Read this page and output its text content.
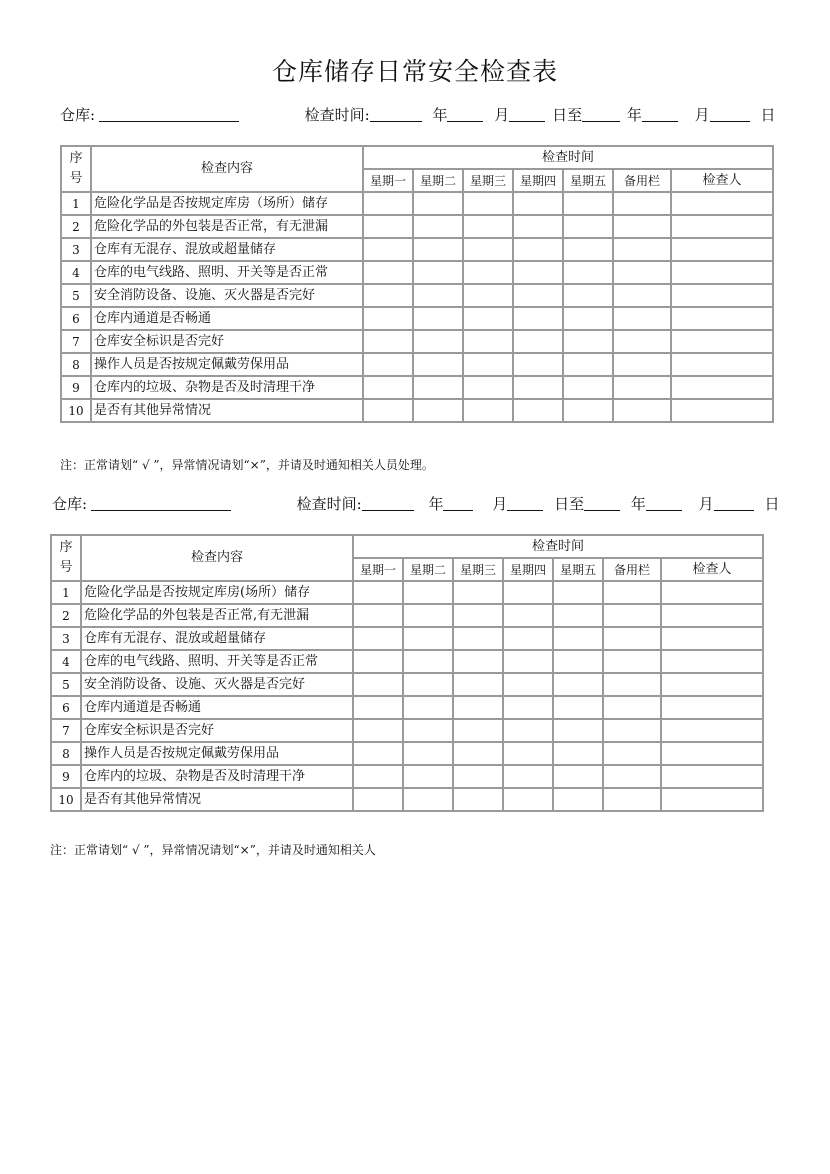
仓库储存日常安全检查表
仓库:	检查时间:	年	月	日至	年	月	日
序号	检查内容	检查时间						
		星期一	星期二	星期三	星期四	星期五	备用栏	检查人
1	危险化学品是否按规定库房（场所）储存							
2	危险化学品的外包装是否正常，有无泄漏							
3	仓库有无混存、混放或超量储存							
4	仓库的电气线路、照明、开关等是否正常							
5	安全消防设备、设施、灭火器是否完好							
6	仓库内通道是否畅通							
7	仓库安全标识是否完好							
8	操作人员是否按规定佩戴劳保用品							
9	仓库内的垃圾、杂物是否及时清理干净							
10	是否有其他异常情况							
注：正常请划“ √ ”，异常情况请划“×”，并请及时通知相关人员处理。
仓库:	检查时间:	年	月	日至	年	月	日
序号	检查内容	检查时间						
		星期一	星期二	星期三	星期四	星期五	备用栏	检查人
1	危险化学品是否按规定库房(场所）储存							
2	危险化学品的外包装是否正常,有无泄漏							
3	仓库有无混存、混放或超量储存							
4	仓库的电气线路、照明、开关等是否正常							
5	安全消防设备、设施、灭火器是否完好							
6	仓库内通道是否畅通							
7	仓库安全标识是否完好							
8	操作人员是否按规定佩戴劳保用品							
9	仓库内的垃圾、杂物是否及时清理干净							
10	是否有其他异常情况							
注：正常请划“ √ ”，异常情况请划“×”，并请及时通知相关人
